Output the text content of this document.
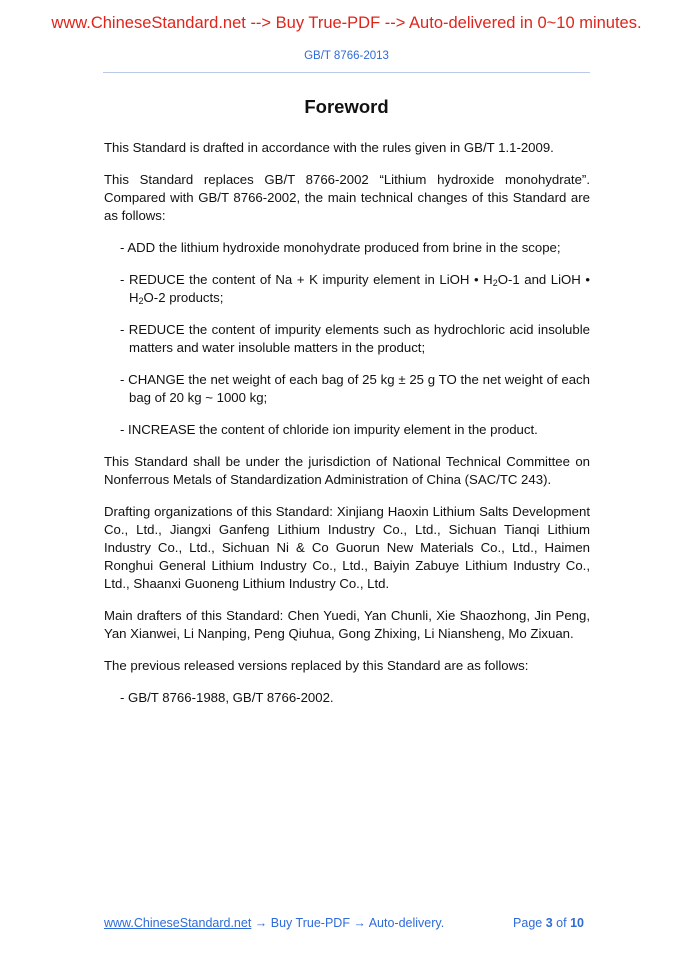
www.ChineseStandard.net --> Buy True-PDF --> Auto-delivered in 0~10 minutes.
GB/T 8766-2013
Foreword

This Standard is drafted in accordance with the rules given in GB/T 1.1-2009.

This Standard replaces GB/T 8766-2002 “Lithium hydroxide monohydrate”. Compared with GB/T 8766-2002, the main technical changes of this Standard are as follows:

- ADD the lithium hydroxide monohydrate produced from brine in the scope;
- REDUCE the content of Na + K impurity element in LiOH • $H_2O-1$ and LiOH • $H_2O-2$ products;
- REDUCE the content of impurity elements such as hydrochloric acid insoluble matters and water insoluble matters in the product;
- CHANGE the net weight of each bag of 25 kg ± 25 g TO the net weight of each bag of 20 kg ~ 1000 kg;
- INCREASE the content of chloride ion impurity element in the product.

This Standard shall be under the jurisdiction of National Technical Committee on Nonferrous Metals of Standardization Administration of China (SAC/TC 243).

Drafting organizations of this Standard: Xinjiang Haoxin Lithium Salts Development Co., Ltd., Jiangxi Ganfeng Lithium Industry Co., Ltd., Sichuan Tianqi Lithium Industry Co., Ltd., Sichuan Ni & Co Guorun New Materials Co., Ltd., Haimen Ronghui General Lithium Industry Co., Ltd., Baiyin Zabuye Lithium Industry Co., Ltd., Shaanxi Guoneng Lithium Industry Co., Ltd.

Main drafters of this Standard: Chen Yuedi, Yan Chunli, Xie Shaozhong, Jin Peng, Yan Xianwei, Li Nanping, Peng Qiuhua, Gong Zhixing, Li Niansheng, Mo Zixuan.

The previous released versions replaced by this Standard are as follows:

- GB/T 8766-1988, GB/T 8766-2002.
www.ChineseStandard.net → Buy True-PDF → Auto-delivery.	Page 3 of 10
